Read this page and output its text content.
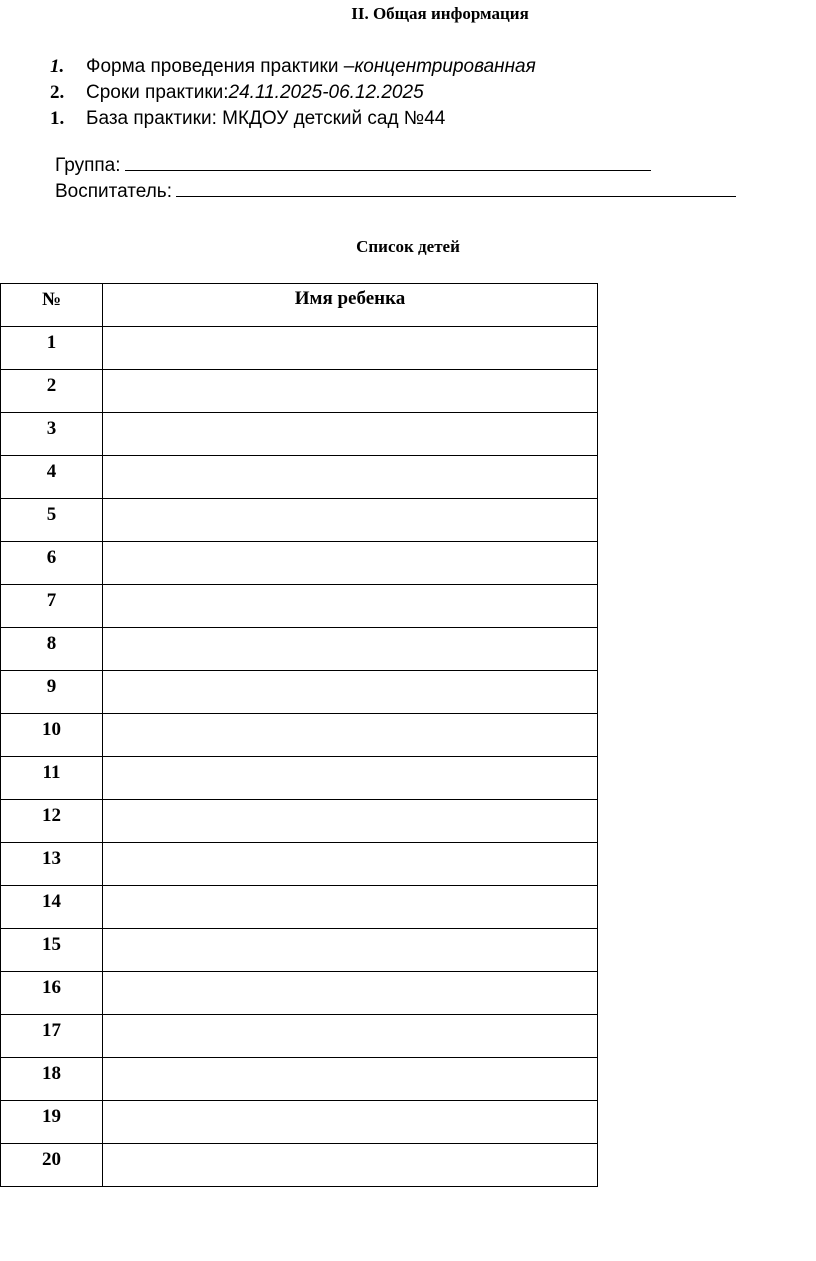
II. Общая информация
1.	Форма проведения практики – концентрированная
2.	Сроки практики: 24.11.2025-06.12.2025
1.	База практики: МКДОУ детский сад №44
Группа:
Воспитатель:
Список детей
№	Имя ребенка
1	
2	
3	
4	
5	
6	
7	
8	
9	
10	
11	
12	
13	
14	
15	
16	
17	
18	
19	
20	
